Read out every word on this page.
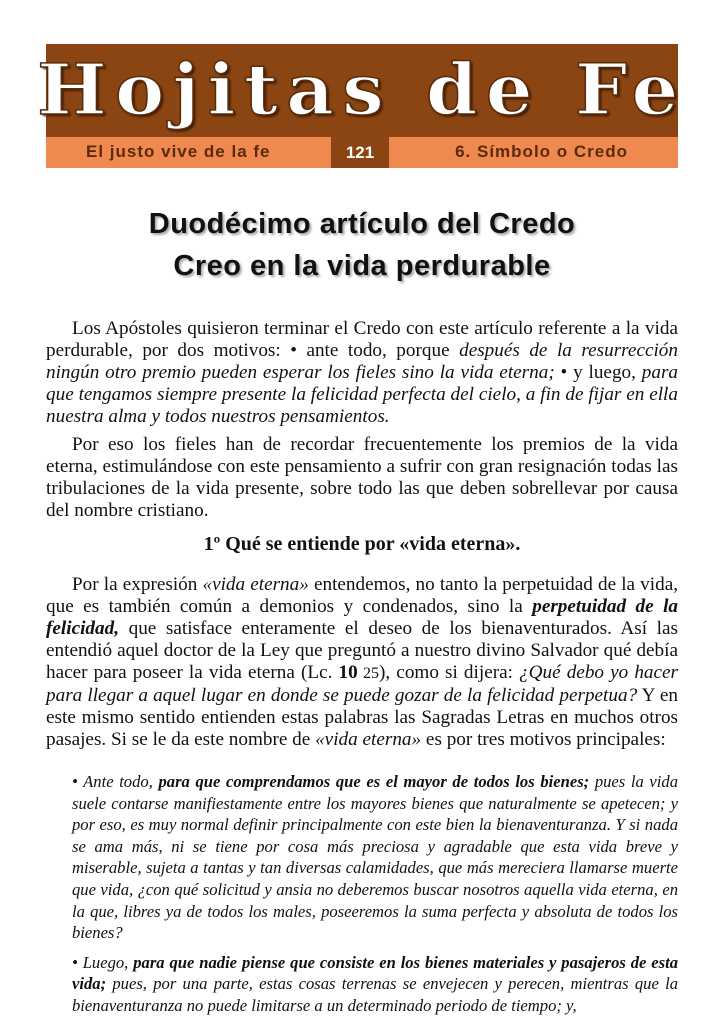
Hojitas de Fe
El justo vive de la fe	6. Símbolo o Credo
121
Duodécimo artículo del Credo
Creo en la vida perdurable

Los Apóstoles quisieron terminar el Credo con este artículo referente a la vida perdurable, por dos motivos: • ante todo, porque después de la resurrección ningún otro premio pueden esperar los fieles sino la vida eterna; • y luego, para que tengamos siempre presente la felicidad perfecta del cielo, a fin de fijar en ella nuestra alma y todos nuestros pensamientos.

Por eso los fieles han de recordar frecuentemente los premios de la vida eterna, estimulándose con este pensamiento a sufrir con gran resignación todas las tribulaciones de la vida presente, sobre todo las que deben sobrellevar por causa del nombre cristiano.

1º Qué se entiende por «vida eterna».

Por la expresión «vida eterna» entendemos, no tanto la perpetuidad de la vida, que es también común a demonios y condenados, sino la perpetuidad de la felicidad, que satisface enteramente el deseo de los bienaventurados. Así las entendió aquel doctor de la Ley que preguntó a nuestro divino Salvador qué debía hacer para poseer la vida eterna (Lc. 10 25), como si dijera: ¿Qué debo yo hacer para llegar a aquel lugar en donde se puede gozar de la felicidad perpetua? Y en este mismo sentido entienden estas palabras las Sagradas Letras en muchos otros pasajes. Si se le da este nombre de «vida eterna» es por tres motivos principales:

• Ante todo, para que comprendamos que es el mayor de todos los bienes; pues la vida suele contarse manifiestamente entre los mayores bienes que naturalmente se apetecen; y por eso, es muy normal definir principalmente con este bien la bienaventuranza. Y si nada se ama más, ni se tiene por cosa más preciosa y agradable que esta vida breve y miserable, sujeta a tantas y tan diversas calamidades, que más mereciera llamarse muerte que vida, ¿con qué solicitud y ansia no deberemos buscar nosotros aquella vida eterna, en la que, libres ya de todos los males, poseeremos la suma perfecta y absoluta de todos los bienes?

• Luego, para que nadie piense que consiste en los bienes materiales y pasajeros de esta vida; pues, por una parte, estas cosas terrenas se envejecen y perecen, mientras que la bienaventuranza no puede limitarse a un determinado periodo de tiempo; y,
